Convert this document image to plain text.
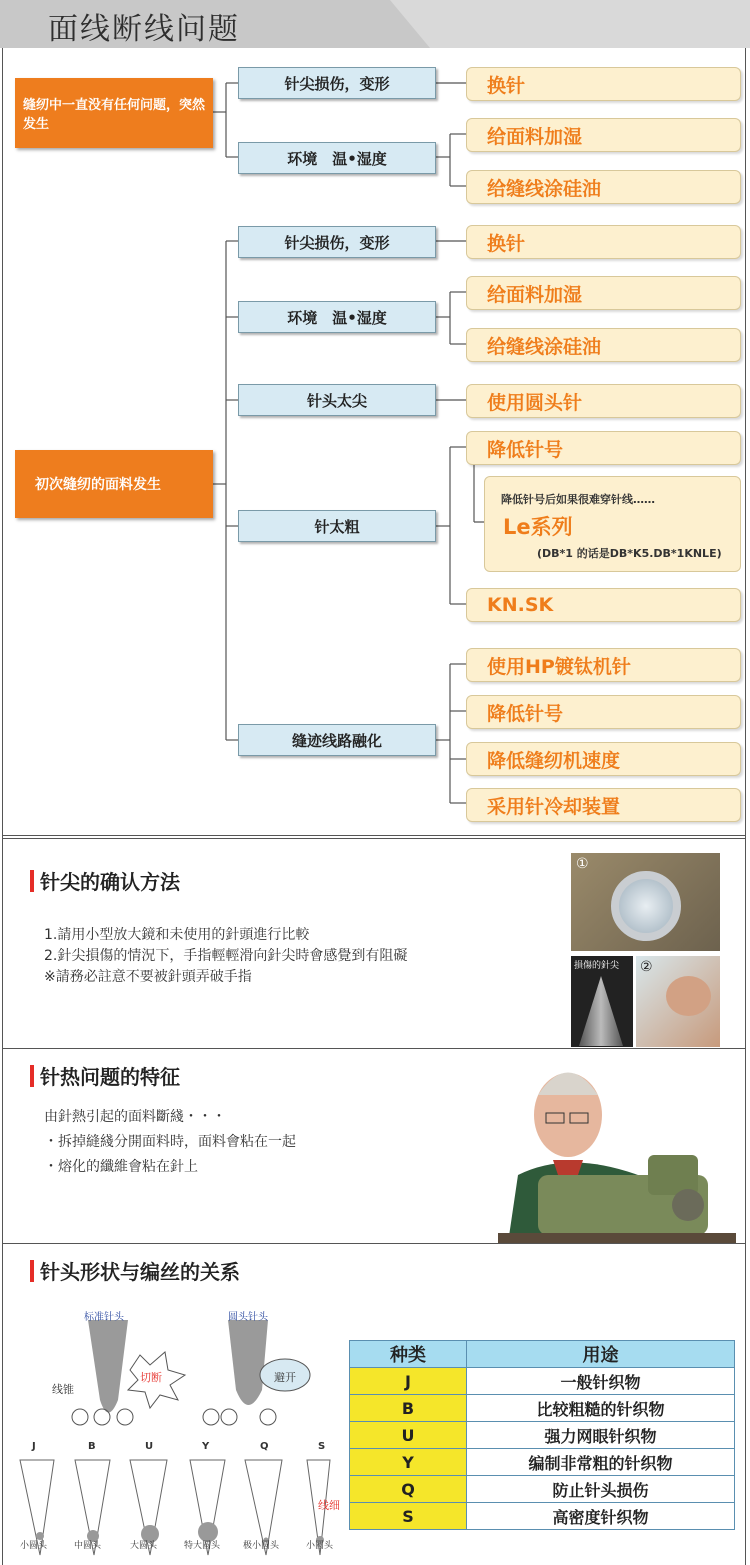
面线断线问题
缝纫中一直没有任何问题，突然发生
初次缝纫的面料发生
针尖损伤，变形
环境　温•湿度
针尖损伤，变形
环境　温•湿度
针头太尖
针太粗
缝迹线路融化
换针
给面料加湿
给缝线涂硅油
换针
给面料加湿
给缝线涂硅油
使用圆头针
降低针号
KN.SK
使用HP镀钛机针
降低针号
降低缝纫机速度
采用针冷却装置
降低针号后如果很难穿针线……
Le系列
(DB*1 的话是DB*K5.DB*1KNLE)
针尖的确认方法
1.請用小型放大鏡和未使用的針頭進行比較
2.針尖損傷的情況下，手指輕輕滑向針尖時會感覺到有阻礙
※請務必註意不要被針頭弄破手指
①
損傷的針尖 ②
针热问题的特征
由針熱引起的面料斷綫・・・
・拆掉縫綫分開面料時，面料會粘在一起
・熔化的纖維會粘在針上
针头形状与编丝的关系
标准针头	圆头针头
线锥
切断	避开
线细
J	B	U	Y	Q	S
小圆头	中圆头	大圆头	特大圆头	极小圆头	小圆头
种类	用途
J	一般针织物
B	比较粗糙的针织物
U	强力网眼针织物
Y	编制非常粗的针织物
Q	防止针头损伤
S	高密度针织物
